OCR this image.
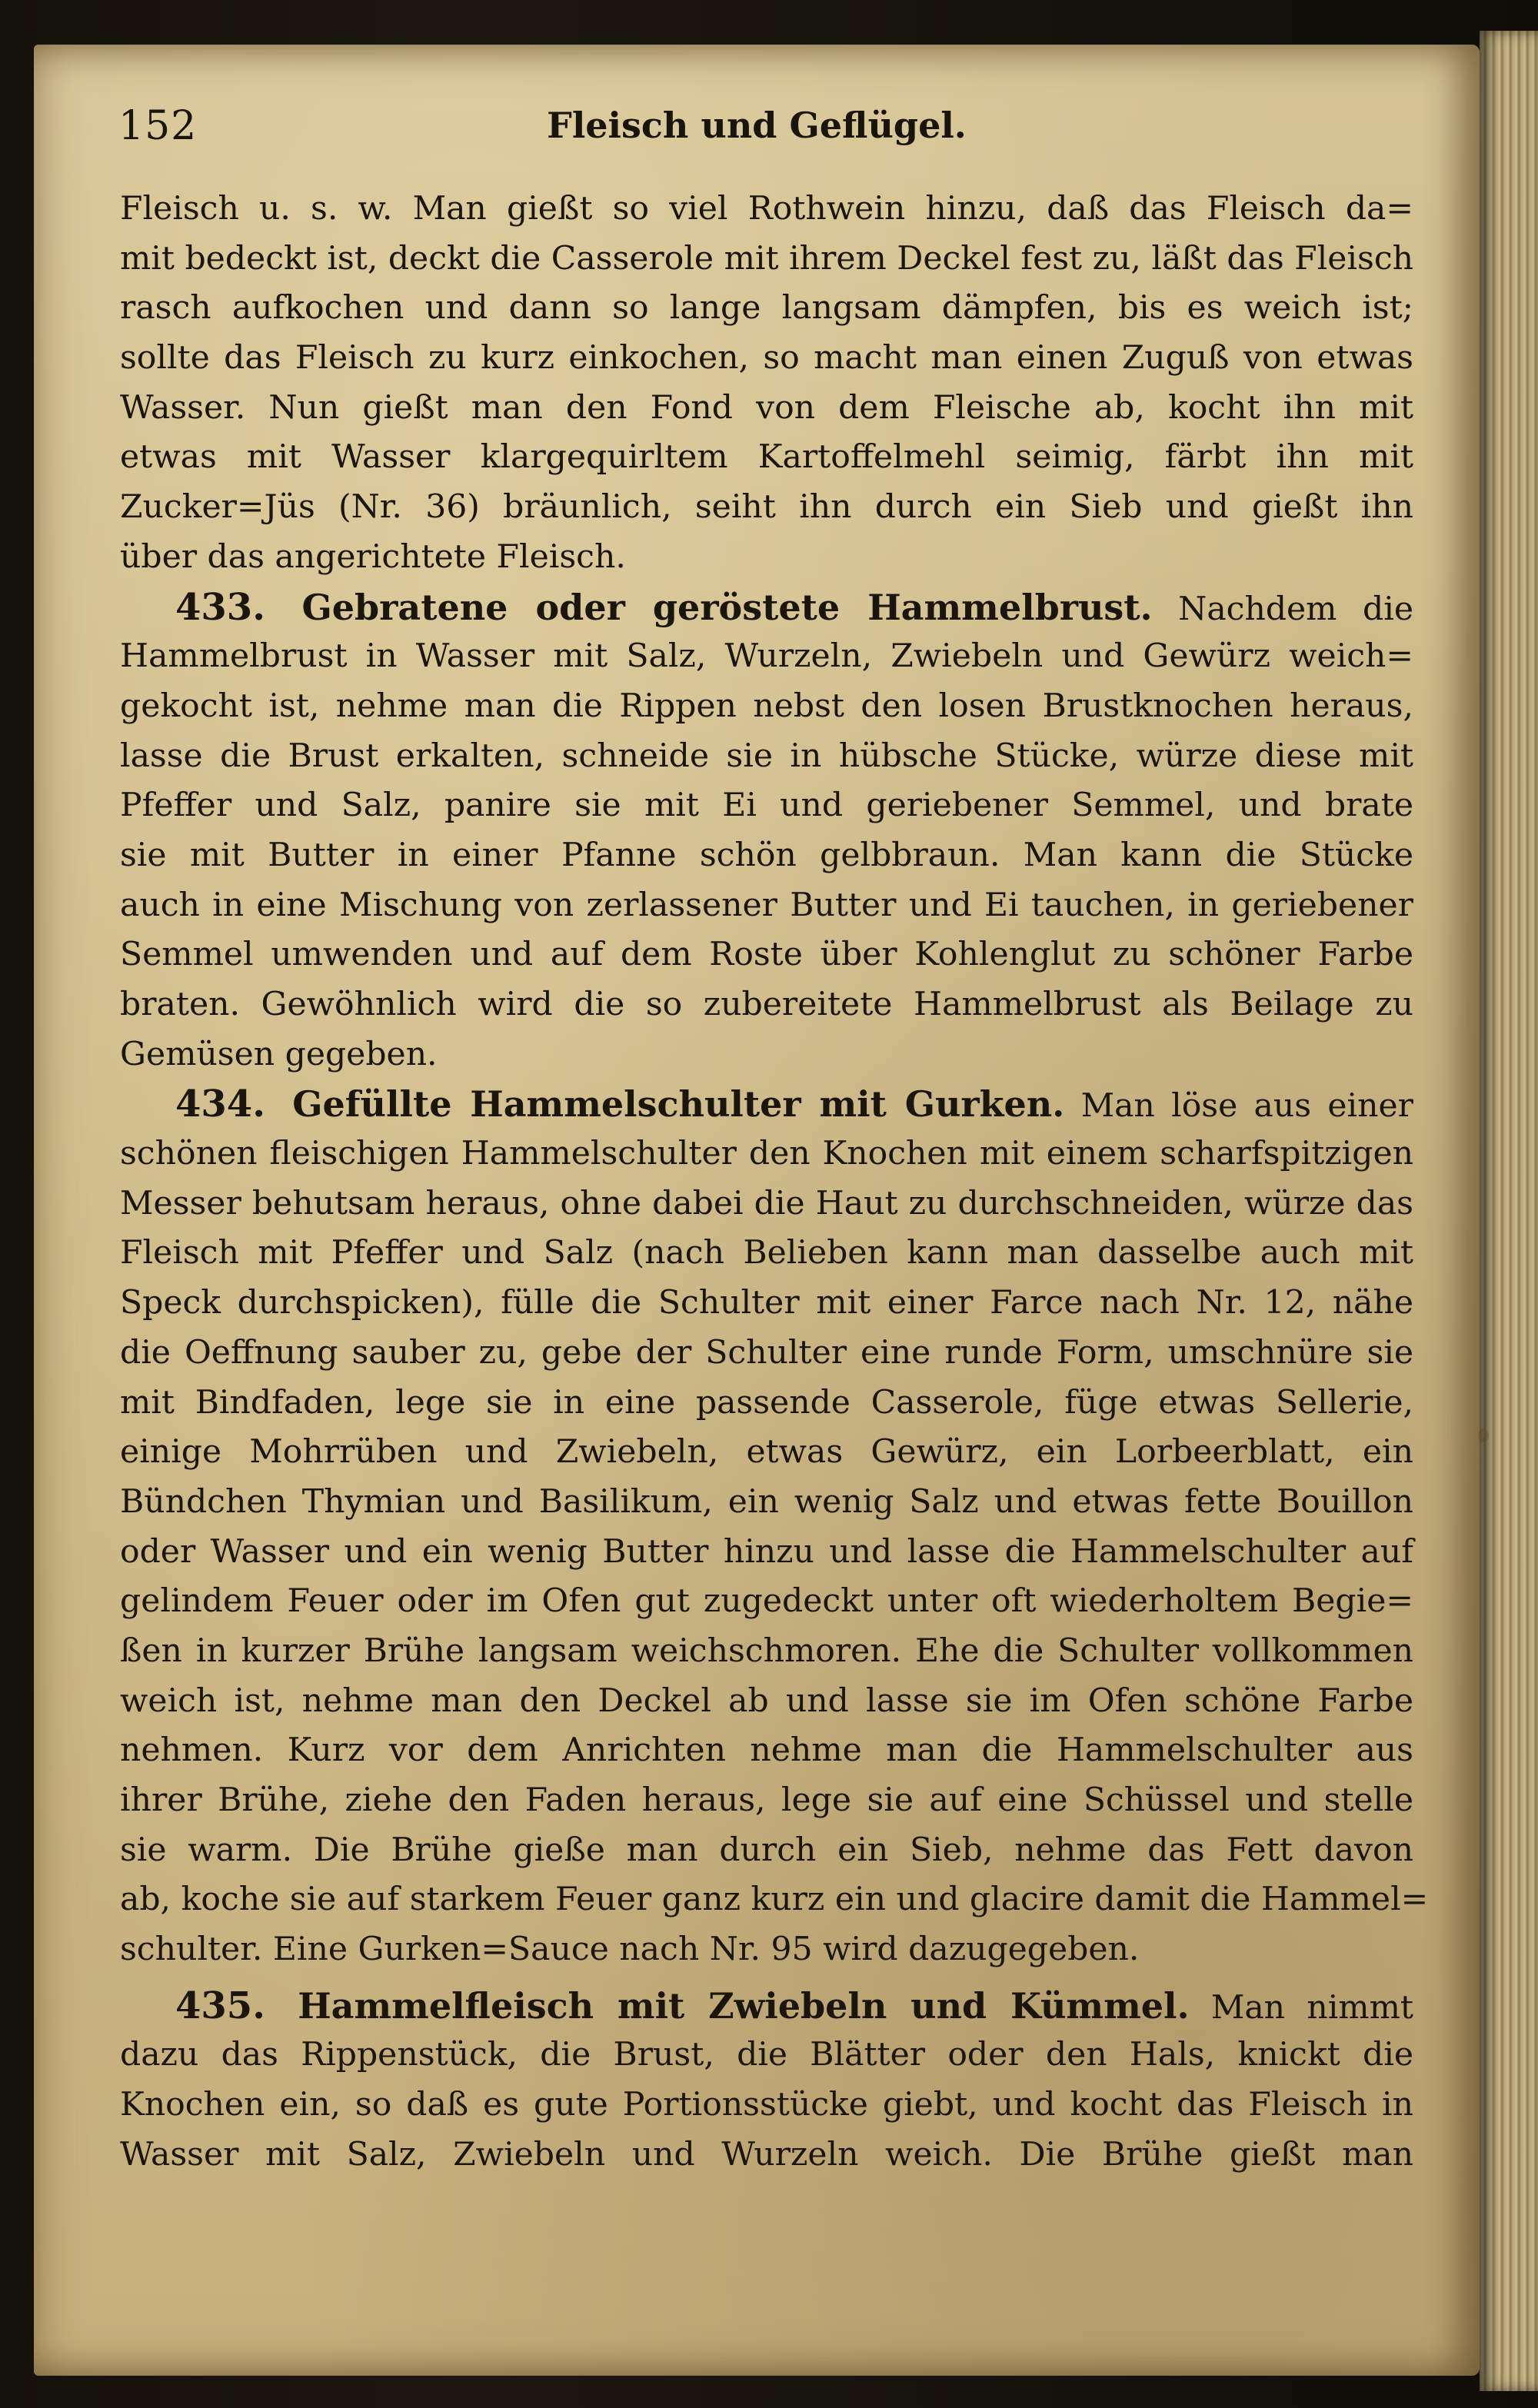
152	Fleisch und Geflügel.
Fleisch u. s. w. Man gießt so viel Rothwein hinzu, daß das Fleisch da=
mit bedeckt ist, deckt die Casserole mit ihrem Deckel fest zu, läßt das Fleisch
rasch aufkochen und dann so lange langsam dämpfen, bis es weich ist;
sollte das Fleisch zu kurz einkochen, so macht man einen Zuguß von etwas
Wasser. Nun gießt man den Fond von dem Fleische ab, kocht ihn mit
etwas mit Wasser klargequirltem Kartoffelmehl seimig, färbt ihn mit
Zucker=Jüs (Nr. 36) bräunlich, seiht ihn durch ein Sieb und gießt ihn
über das angerichtete Fleisch.
433. Gebratene oder geröstete Hammelbrust. Nachdem die
Hammelbrust in Wasser mit Salz, Wurzeln, Zwiebeln und Gewürz weich=
gekocht ist, nehme man die Rippen nebst den losen Brustknochen heraus,
lasse die Brust erkalten, schneide sie in hübsche Stücke, würze diese mit
Pfeffer und Salz, panire sie mit Ei und geriebener Semmel, und brate
sie mit Butter in einer Pfanne schön gelbbraun. Man kann die Stücke
auch in eine Mischung von zerlassener Butter und Ei tauchen, in geriebener
Semmel umwenden und auf dem Roste über Kohlenglut zu schöner Farbe
braten. Gewöhnlich wird die so zubereitete Hammelbrust als Beilage zu
Gemüsen gegeben.
434. Gefüllte Hammelschulter mit Gurken. Man löse aus einer
schönen fleischigen Hammelschulter den Knochen mit einem scharfspitzigen
Messer behutsam heraus, ohne dabei die Haut zu durchschneiden, würze das
Fleisch mit Pfeffer und Salz (nach Belieben kann man dasselbe auch mit
Speck durchspicken), fülle die Schulter mit einer Farce nach Nr. 12, nähe
die Oeffnung sauber zu, gebe der Schulter eine runde Form, umschnüre sie
mit Bindfaden, lege sie in eine passende Casserole, füge etwas Sellerie,
einige Mohrrüben und Zwiebeln, etwas Gewürz, ein Lorbeerblatt, ein
Bündchen Thymian und Basilikum, ein wenig Salz und etwas fette Bouillon
oder Wasser und ein wenig Butter hinzu und lasse die Hammelschulter auf
gelindem Feuer oder im Ofen gut zugedeckt unter oft wiederholtem Begie=
ßen in kurzer Brühe langsam weichschmoren. Ehe die Schulter vollkommen
weich ist, nehme man den Deckel ab und lasse sie im Ofen schöne Farbe
nehmen. Kurz vor dem Anrichten nehme man die Hammelschulter aus
ihrer Brühe, ziehe den Faden heraus, lege sie auf eine Schüssel und stelle
sie warm. Die Brühe gieße man durch ein Sieb, nehme das Fett davon
ab, koche sie auf starkem Feuer ganz kurz ein und glacire damit die Hammel=
schulter. Eine Gurken=Sauce nach Nr. 95 wird dazugegeben.
435. Hammelfleisch mit Zwiebeln und Kümmel. Man nimmt
dazu das Rippenstück, die Brust, die Blätter oder den Hals, knickt die
Knochen ein, so daß es gute Portionsstücke giebt, und kocht das Fleisch in
Wasser mit Salz, Zwiebeln und Wurzeln weich. Die Brühe gießt man
